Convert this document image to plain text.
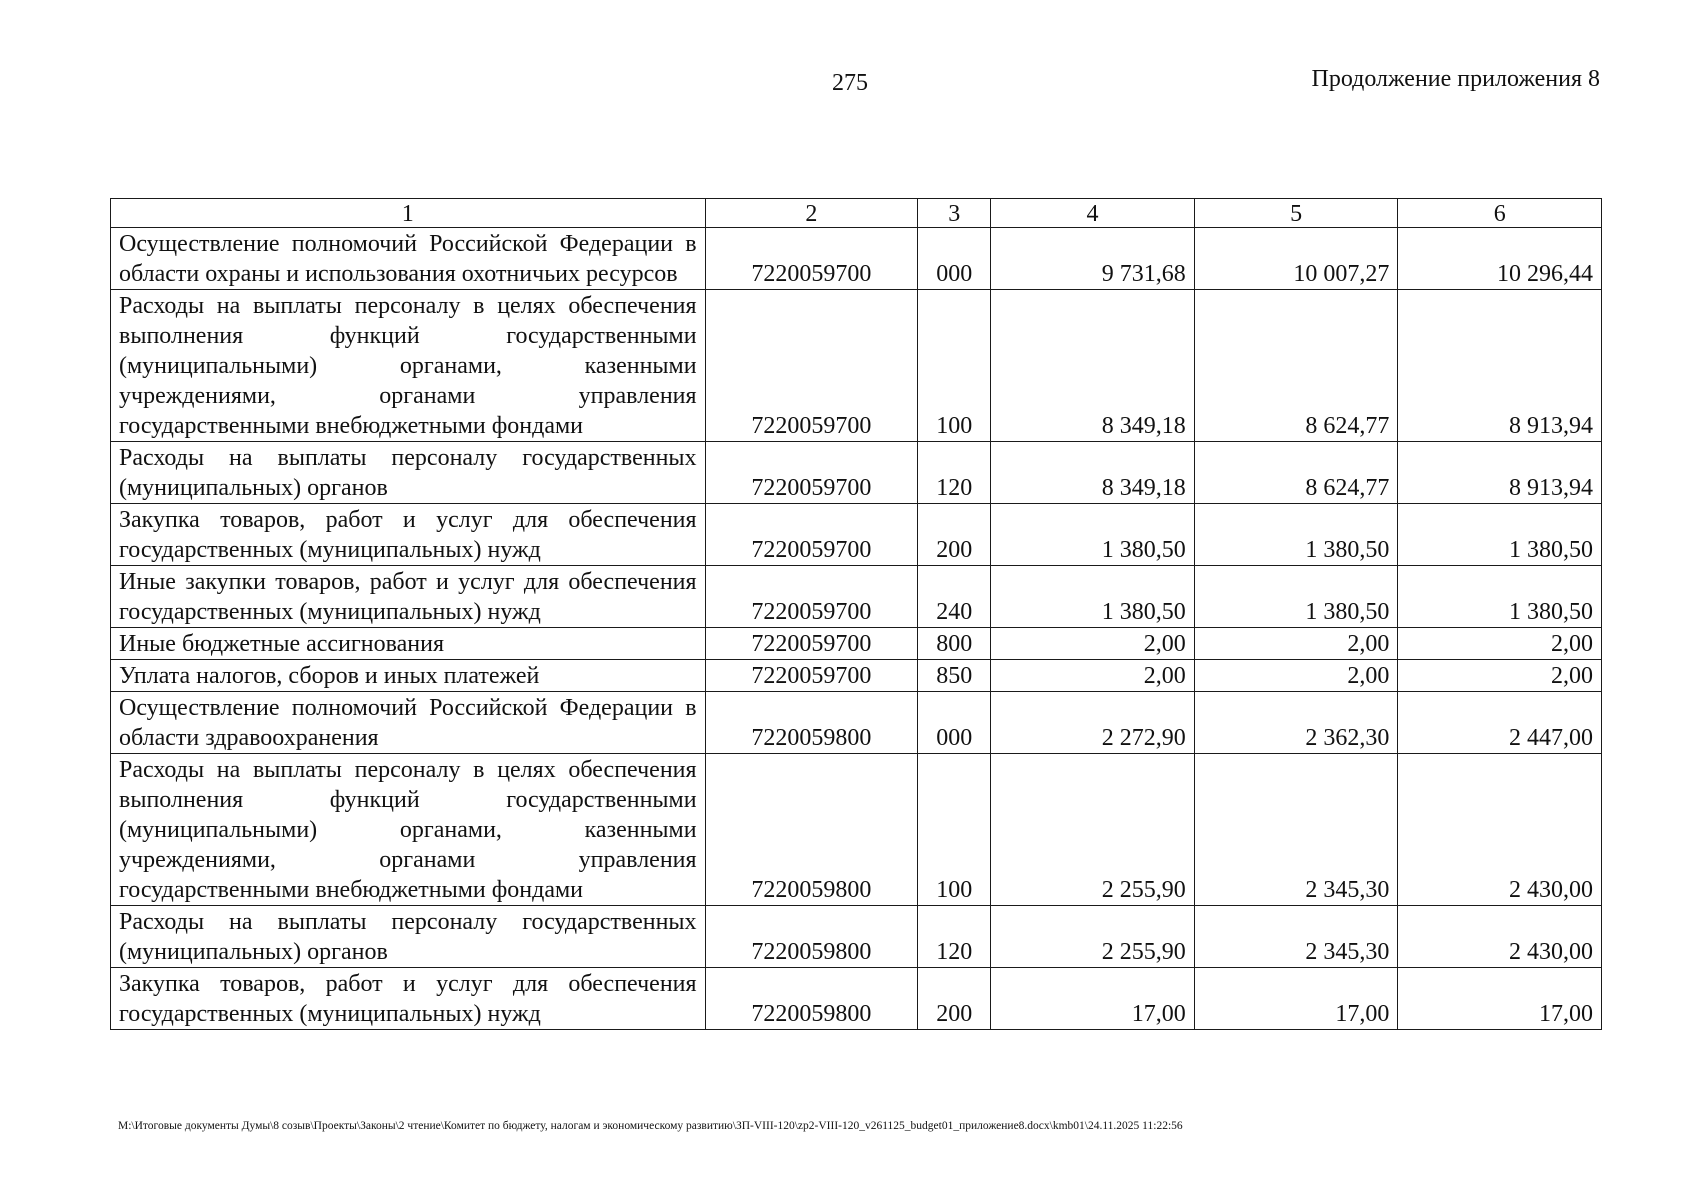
275	Продолжение приложения 8
1	2	3	4	5	6
Осуществление полномочий Российской Федерации в области охраны и использования охотничьих ресурсов	7220059700	000	9 731,68	10 007,27	10 296,44
Расходы на выплаты персоналу в целях обеспечения выполнения функций государственными (муниципальными) органами, казенными учреждениями, органами управления государственными внебюджетными фондами	7220059700	100	8 349,18	8 624,77	8 913,94
Расходы на выплаты персоналу государственных (муниципальных) органов	7220059700	120	8 349,18	8 624,77	8 913,94
Закупка товаров, работ и услуг для обеспечения государственных (муниципальных) нужд	7220059700	200	1 380,50	1 380,50	1 380,50
Иные закупки товаров, работ и услуг для обеспечения государственных (муниципальных) нужд	7220059700	240	1 380,50	1 380,50	1 380,50
Иные бюджетные ассигнования	7220059700	800	2,00	2,00	2,00
Уплата налогов, сборов и иных платежей	7220059700	850	2,00	2,00	2,00
Осуществление полномочий Российской Федерации в области здравоохранения	7220059800	000	2 272,90	2 362,30	2 447,00
Расходы на выплаты персоналу в целях обеспечения выполнения функций государственными (муниципальными) органами, казенными учреждениями, органами управления государственными внебюджетными фондами	7220059800	100	2 255,90	2 345,30	2 430,00
Расходы на выплаты персоналу государственных (муниципальных) органов	7220059800	120	2 255,90	2 345,30	2 430,00
Закупка товаров, работ и услуг для обеспечения государственных (муниципальных) нужд	7220059800	200	17,00	17,00	17,00
M:\Итоговые документы Думы\8 созыв\Проекты\Законы\2 чтение\Комитет по бюджету, налогам и экономическому развитию\ЗП-VIII-120\zp2-VIII-120_v261125_budget01_приложение8.docx\kmb01\24.11.2025 11:22:56
